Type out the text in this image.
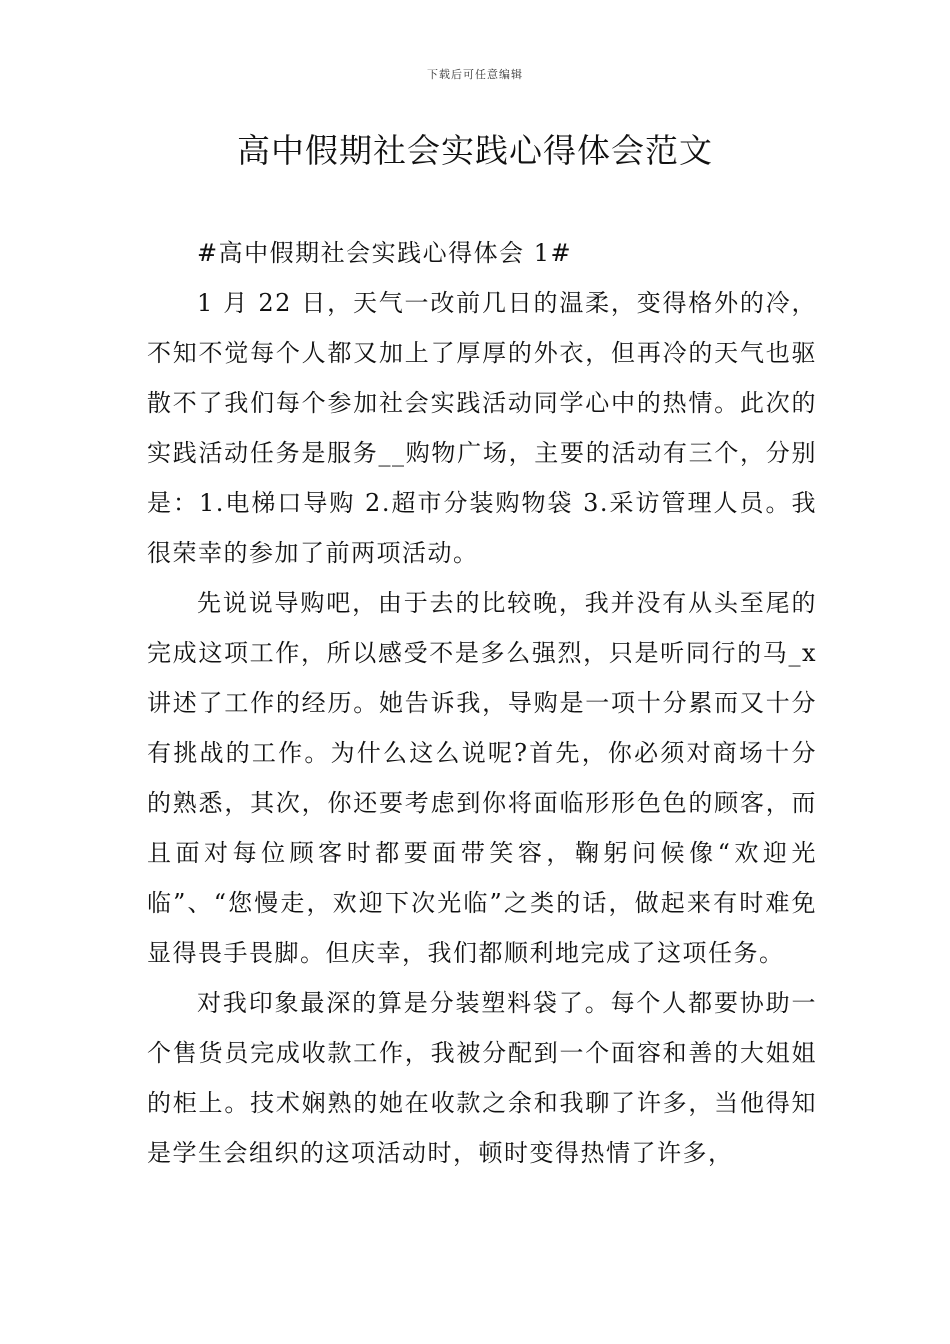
下载后可任意编辑
高中假期社会实践心得体会范文

#高中假期社会实践心得体会 1#

1 月 22 日，天气一改前几日的温柔，变得格外的冷，不知不觉每个人都又加上了厚厚的外衣，但再冷的天气也驱散不了我们每个参加社会实践活动同学心中的热情。此次的实践活动任务是服务__购物广场，主要的活动有三个，分别是：1.电梯口导购 2.超市分装购物袋 3.采访管理人员。我很荣幸的参加了前两项活动。

先说说导购吧，由于去的比较晚，我并没有从头至尾的完成这项工作，所以感受不是多么强烈，只是听同行的马_x 讲述了工作的经历。她告诉我，导购是一项十分累而又十分有挑战的工作。为什么这么说呢?首先，你必须对商场十分的熟悉，其次，你还要考虑到你将面临形形色色的顾客，而且面对每位顾客时都要面带笑容，鞠躬问候像“欢迎光临”、“您慢走，欢迎下次光临”之类的话，做起来有时难免显得畏手畏脚。但庆幸，我们都顺利地完成了这项任务。

对我印象最深的算是分装塑料袋了。每个人都要协助一个售货员完成收款工作，我被分配到一个面容和善的大姐姐的柜上。技术娴熟的她在收款之余和我聊了许多，当他得知是学生会组织的这项活动时，顿时变得热情了许多，
